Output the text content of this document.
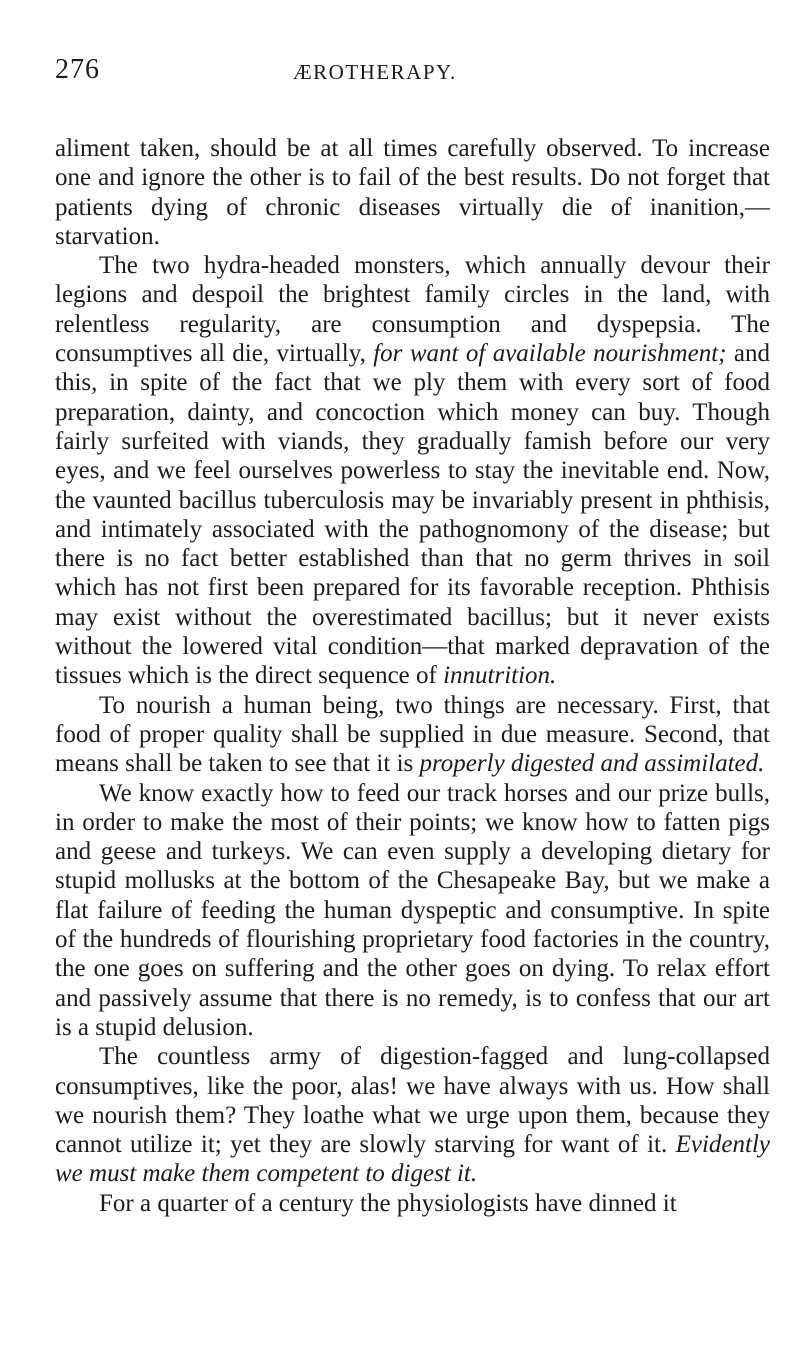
276	ÆROTHERAPY.

aliment taken, should be at all times carefully observed. To increase one and ignore the other is to fail of the best results. Do not forget that patients dying of chronic diseases virtually die of inanition,—starvation.

The two hydra-headed monsters, which annually devour their legions and despoil the brightest family circles in the land, with relentless regularity, are consumption and dyspepsia. The consumptives all die, virtually, for want of available nourishment; and this, in spite of the fact that we ply them with every sort of food preparation, dainty, and concoction which money can buy. Though fairly surfeited with viands, they gradually famish before our very eyes, and we feel ourselves powerless to stay the inevitable end. Now, the vaunted bacillus tuberculosis may be invariably present in phthisis, and intimately associated with the pathognomony of the disease; but there is no fact better established than that no germ thrives in soil which has not first been prepared for its favorable reception. Phthisis may exist without the overestimated bacillus; but it never exists without the lowered vital condition—that marked depravation of the tissues which is the direct sequence of innutrition.

To nourish a human being, two things are necessary. First, that food of proper quality shall be supplied in due measure. Second, that means shall be taken to see that it is properly digested and assimilated.

We know exactly how to feed our track horses and our prize bulls, in order to make the most of their points; we know how to fatten pigs and geese and turkeys. We can even supply a developing dietary for stupid mollusks at the bottom of the Chesapeake Bay, but we make a flat failure of feeding the human dyspeptic and consumptive. In spite of the hundreds of flourishing proprietary food factories in the country, the one goes on suffering and the other goes on dying. To relax effort and passively assume that there is no remedy, is to confess that our art is a stupid delusion.

The countless army of digestion-fagged and lung-collapsed consumptives, like the poor, alas! we have always with us. How shall we nourish them? They loathe what we urge upon them, because they cannot utilize it; yet they are slowly starving for want of it. Evidently we must make them competent to digest it.

For a quarter of a century the physiologists have dinned it
